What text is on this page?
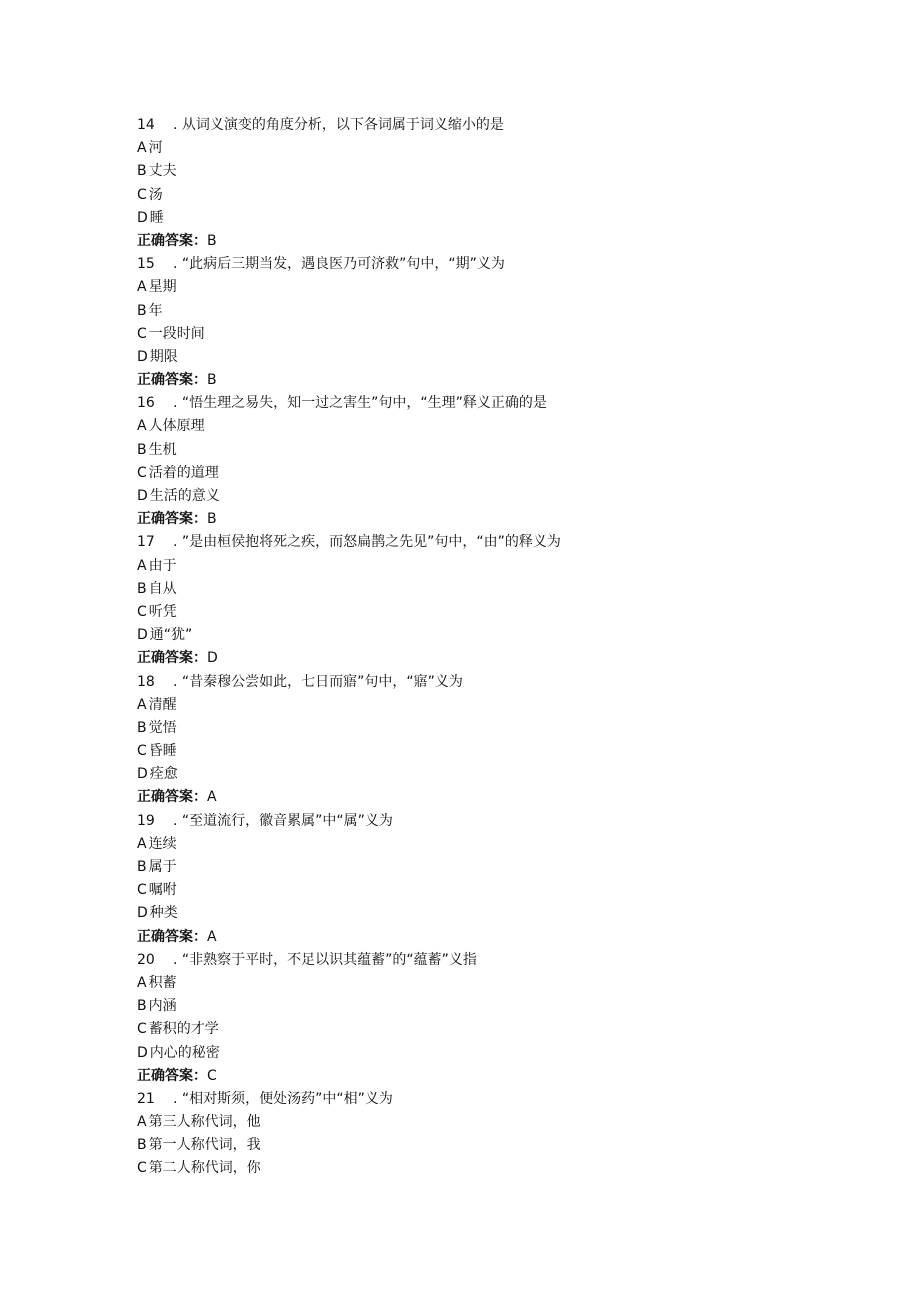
14 . 从词义演变的角度分析，以下各词属于词义缩小的是
A 河
B 丈夫
C 汤
D 睡
正确答案：B
15 . “此病后三期当发，遇良医乃可济救”句中，“期”义为
A 星期
B 年
C 一段时间
D 期限
正确答案：B
16 . “悟生理之易失，知一过之害生”句中，“生理”释义正确的是
A 人体原理
B 生机
C 活着的道理
D 生活的意义
正确答案：B
17 . ”是由桓侯抱将死之疾，而怒扁鹊之先见”句中，“由”的释义为
A 由于
B 自从
C 听凭
D 通“犹”
正确答案：D
18 . “昔秦穆公尝如此，七日而寤”句中，“寤”义为
A 清醒
B 觉悟
C 昏睡
D 痊愈
正确答案：A
19 . “至道流行，徽音累属”中“属”义为
A 连续
B 属于
C 嘱咐
D 种类
正确答案：A
20 . “非熟察于平时，不足以识其蕴蓄”的“蕴蓄”义指
A 积蓄
B 内涵
C 蓄积的才学
D 内心的秘密
正确答案：C
21 . “相对斯须，便处汤药”中“相”义为
A 第三人称代词，他
B 第一人称代词，我
C 第二人称代词，你
